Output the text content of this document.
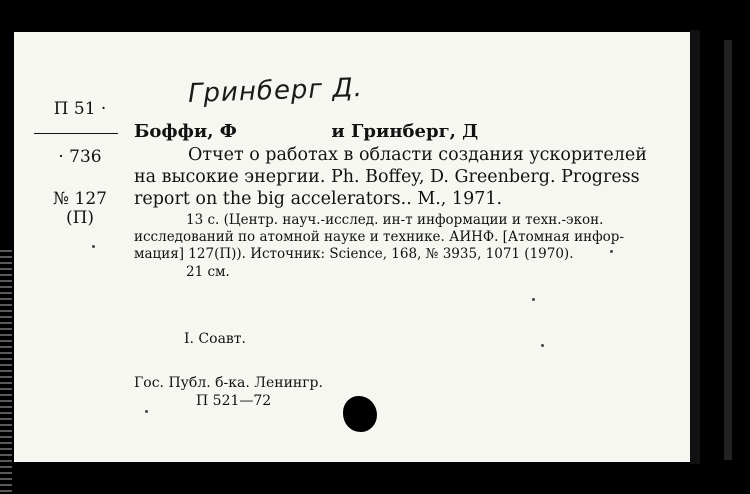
Гринберг Д.
П 51 ·
· 736
№ 127
(П)
Боффи, Ф	и Гринберг, Д
Отчет о работах в области создания ускорителей
на высокие энергии. Ph. Boffey, D. Greenberg. Progress
report on the big accelerators.. М., 1971.
13 с. (Центр. науч.-исслед. ин-т информации и техн.-экон.
исследований по атомной науке и технике. АИНФ. [Атомная инфор-
мация] 127(П)). Источник: Science, 168, № 3935, 1071 (1970).
21 см.
I. Соавт.
Гос. Публ. б-ка. Ленингр.
П 521—72
